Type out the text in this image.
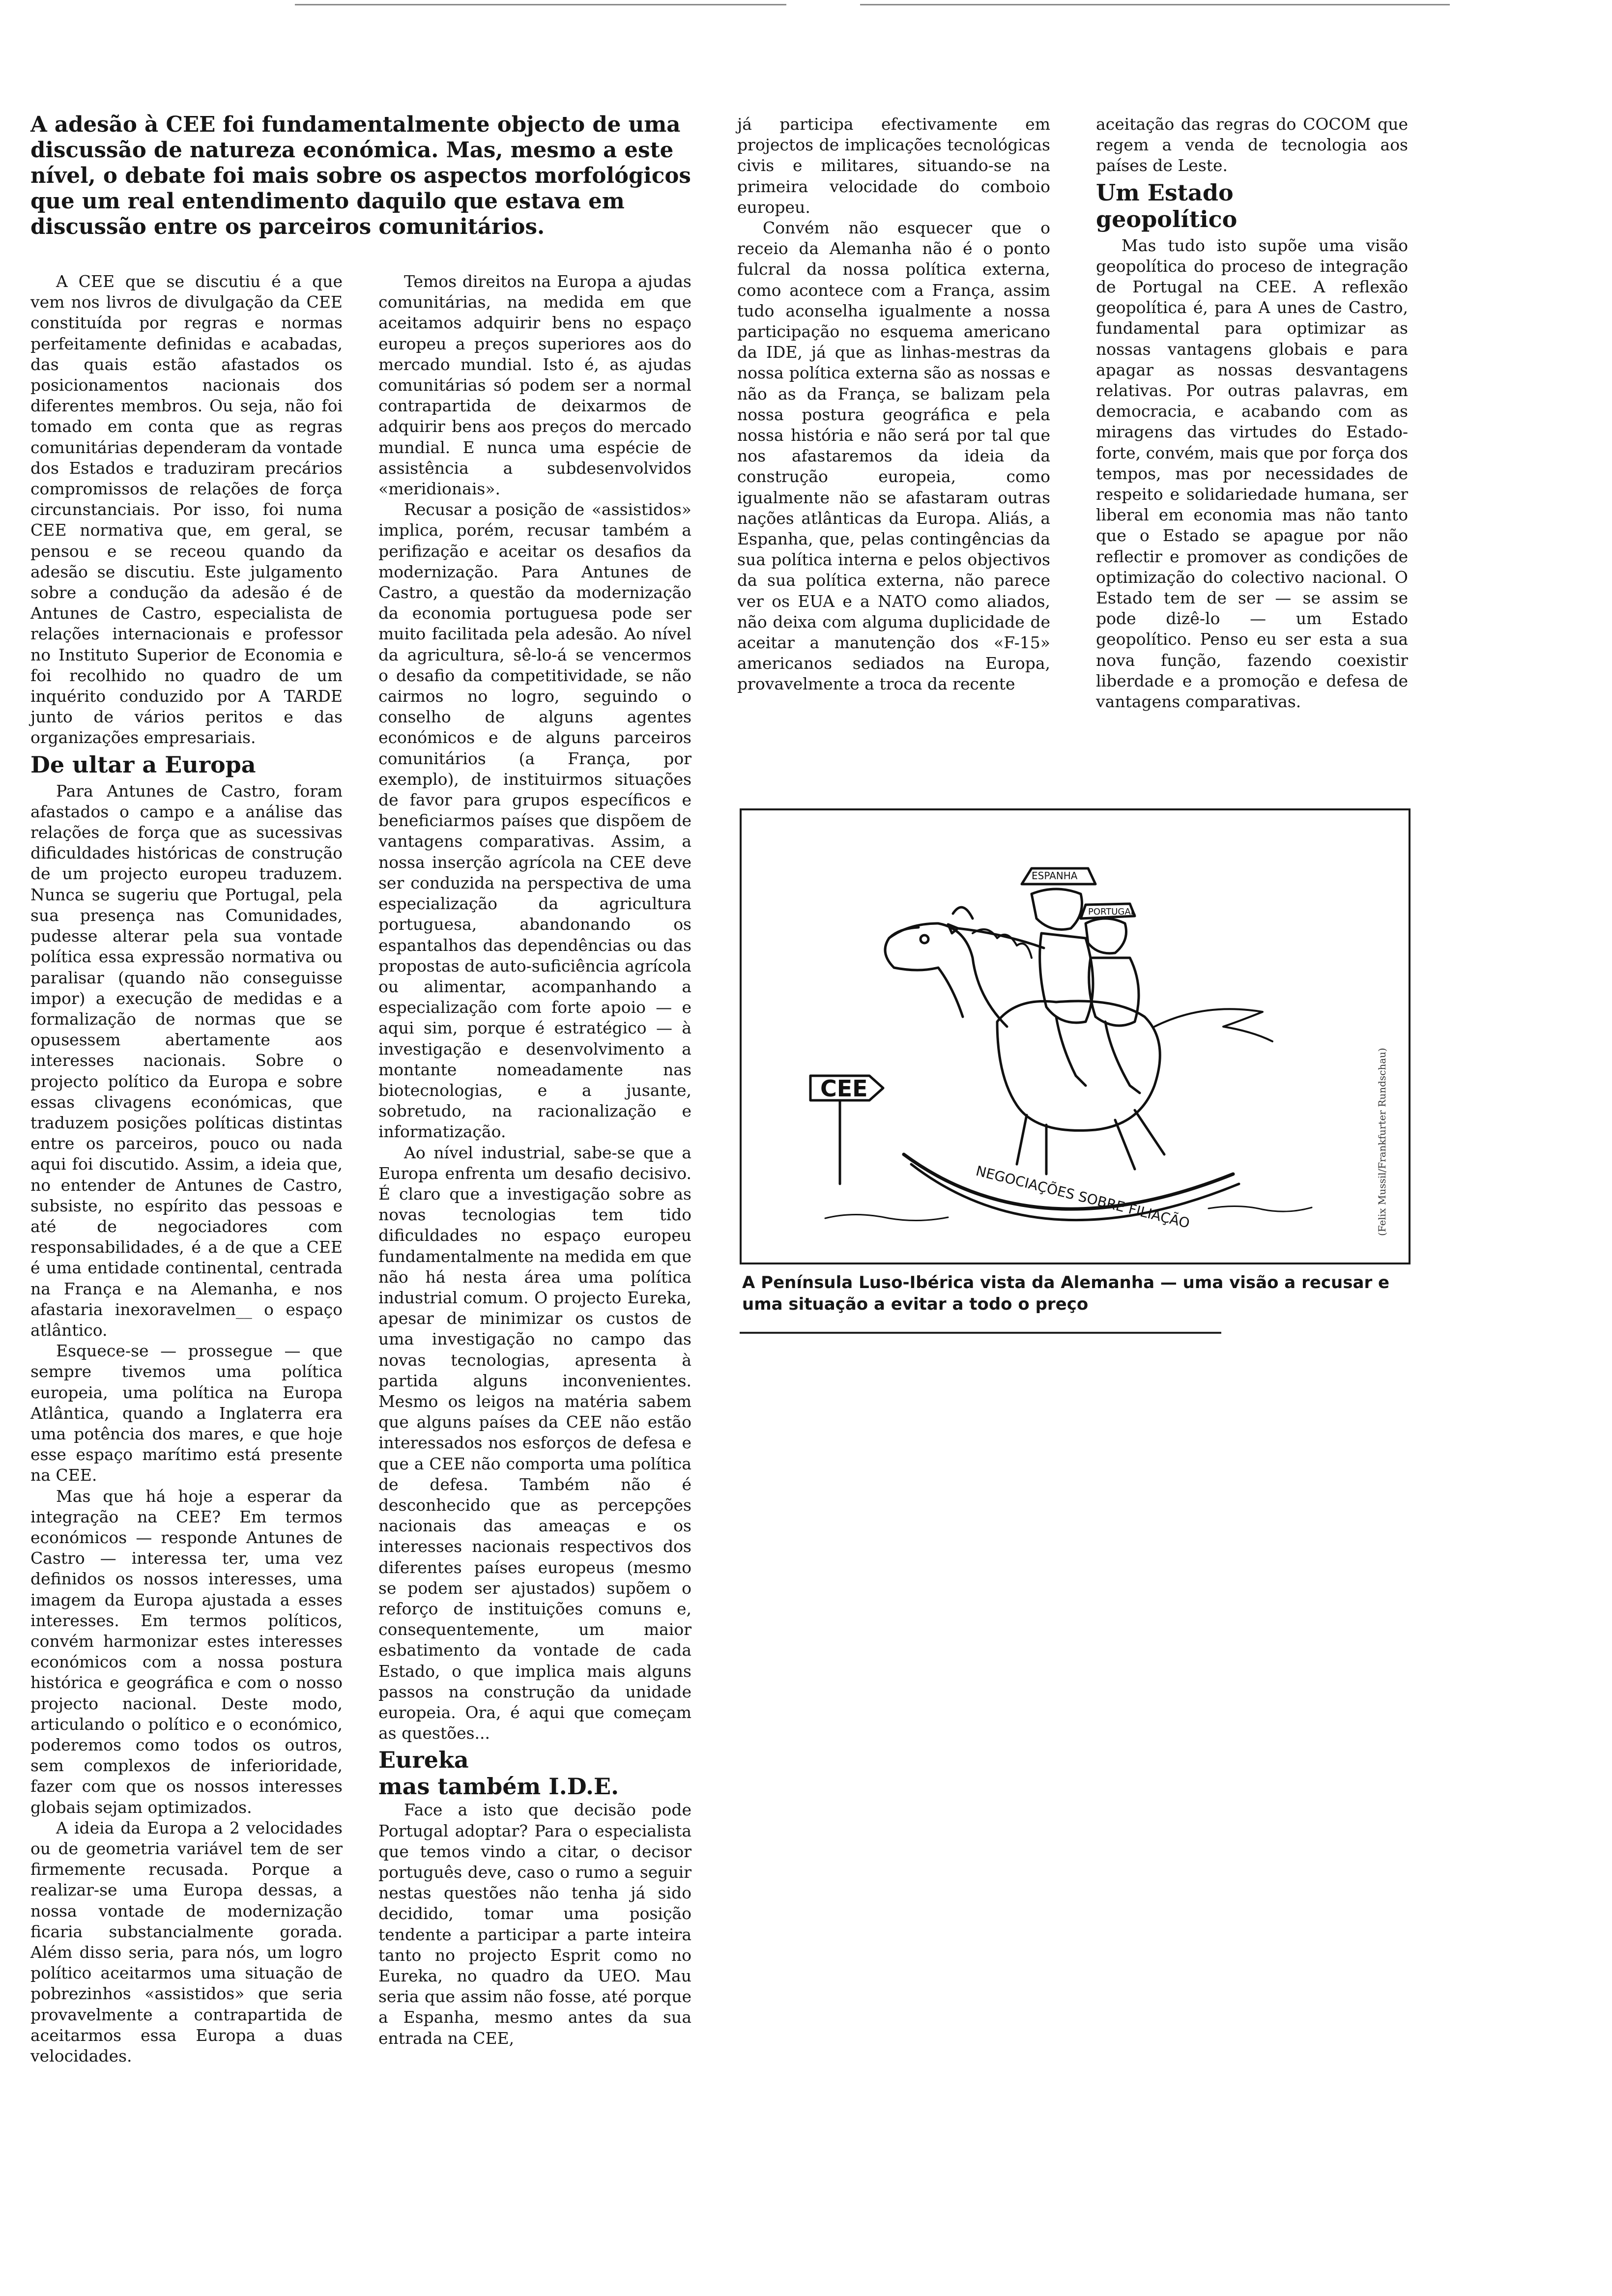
A adesão à CEE foi fundamentalmente objecto de uma discussão de natureza económica. Mas, mesmo a este nível, o debate foi mais sobre os aspectos morfológicos que um real entendimento daquilo que estava em discussão entre os parceiros comunitários.

A CEE que se discutiu é a que vem nos livros de divulgação da CEE constituída por regras e normas perfeitamente definidas e acabadas, das quais estão afastados os posicionamentos nacionais dos diferentes membros. Ou seja, não foi tomado em conta que as regras comunitárias dependeram da vontade dos Estados e traduziram precários compromissos de relações de força circunstanciais. Por isso, foi numa CEE normativa que, em geral, se pensou e se receou quando da adesão se discutiu. Este julgamento sobre a condução da adesão é de Antunes de Castro, especialista de relações internacionais e professor no Instituto Superior de Economia e foi recolhido no quadro de um inquérito conduzido por A TARDE junto de vários peritos e das organizações empresariais.

De ultar a Europa

Para Antunes de Castro, foram afastados o campo e a análise das relações de força que as sucessivas dificuldades históricas de construção de um projecto europeu traduzem. Nunca se sugeriu que Portugal, pela sua presença nas Comunidades, pudesse alterar pela sua vontade política essa expressão normativa ou paralisar (quando não conseguisse impor) a execução de medidas e a formalização de normas que se opusessem abertamente aos interesses nacionais. Sobre o projecto político da Europa e sobre essas clivagens económicas, que traduzem posições políticas distintas entre os parceiros, pouco ou nada aqui foi discutido. Assim, a ideia que, no entender de Antunes de Castro, subsiste, no espírito das pessoas e até de negociadores com responsabilidades, é a de que a CEE é uma entidade continental, centrada na França e na Alemanha, e nos afastaria inexoravelmen__ o espaço atlântico.

Esquece-se — prossegue — que sempre tivemos uma política europeia, uma política na Europa Atlântica, quando a Inglaterra era uma potência dos mares, e que hoje esse espaço marítimo está presente na CEE.

Mas que há hoje a esperar da integração na CEE? Em termos económicos — responde Antunes de Castro — interessa ter, uma vez definidos os nossos interesses, uma imagem da Europa ajustada a esses interesses. Em termos políticos, convém harmonizar estes interesses económicos com a nossa postura histórica e geográfica e com o nosso projecto nacional. Deste modo, articulando o político e o económico, poderemos como todos os outros, sem complexos de inferioridade, fazer com que os nossos interesses globais sejam optimizados.

A ideia da Europa a 2 velocidades ou de geometria variável tem de ser firmemente recusada. Porque a realizar-se uma Europa dessas, a nossa vontade de modernização ficaria substancialmente gorada. Além disso seria, para nós, um logro político aceitarmos uma situação de pobrezinhos «assistidos» que seria provavelmente a contrapartida de aceitarmos essa Europa a duas velocidades.

Temos direitos na Europa a ajudas comunitárias, na medida em que aceitamos adquirir bens no espaço europeu a preços superiores aos do mercado mundial. Isto é, as ajudas comunitárias só podem ser a normal contrapartida de deixarmos de adquirir bens aos preços do mercado mundial. E nunca uma espécie de assistência a subdesenvolvidos «meridionais».

Recusar a posição de «assistidos» implica, porém, recusar também a perifização e aceitar os desafios da modernização. Para Antunes de Castro, a questão da modernização da economia portuguesa pode ser muito facilitada pela adesão. Ao nível da agricultura, sê-lo-á se vencermos o desafio da competitividade, se não cairmos no logro, seguindo o conselho de alguns agentes económicos e de alguns parceiros comunitários (a França, por exemplo), de instituirmos situações de favor para grupos específicos e beneficiarmos países que dispõem de vantagens comparativas. Assim, a nossa inserção agrícola na CEE deve ser conduzida na perspectiva de uma especialização da agricultura portuguesa, abandonando os espantalhos das dependências ou das propostas de auto-suficiência agrícola ou alimentar, acompanhando a especialização com forte apoio — e aqui sim, porque é estratégico — à investigação e desenvolvimento a montante nomeadamente nas biotecnologias, e a jusante, sobretudo, na racionalização e informatização.

Ao nível industrial, sabe-se que a Europa enfrenta um desafio decisivo. É claro que a investigação sobre as novas tecnologias tem tido dificuldades no espaço europeu fundamentalmente na medida em que não há nesta área uma política industrial comum. O projecto Eureka, apesar de minimizar os custos de uma investigação no campo das novas tecnologias, apresenta à partida alguns inconvenientes. Mesmo os leigos na matéria sabem que alguns países da CEE não estão interessados nos esforços de defesa e que a CEE não comporta uma política de defesa. Também não é desconhecido que as percepções nacionais das ameaças e os interesses nacionais respectivos dos diferentes países europeus (mesmo se podem ser ajustados) supõem o reforço de instituições comuns e, consequentemente, um maior esbatimento da vontade de cada Estado, o que implica mais alguns passos na construção da unidade europeia. Ora, é aqui que começam as questões...

Eureka
mas também I.D.E.

Face a isto que decisão pode Portugal adoptar? Para o especialista que temos vindo a citar, o decisor português deve, caso o rumo a seguir nestas questões não tenha já sido decidido, tomar uma posição tendente a participar a parte inteira tanto no projecto Esprit como no Eureka, no quadro da UEO. Mau seria que assim não fosse, até porque a Espanha, mesmo antes da sua entrada na CEE,

já participa efectivamente em projectos de implicações tecnológicas civis e militares, situando-se na primeira velocidade do comboio europeu.

Convém não esquecer que o receio da Alemanha não é o ponto fulcral da nossa política externa, como acontece com a França, assim tudo aconselha igualmente a nossa participação no esquema americano da IDE, já que as linhas-mestras da nossa política externa são as nossas e não as da França, se balizam pela nossa postura geográfica e pela nossa história e não será por tal que nos afastaremos da ideia da construção europeia, como igualmente não se afastaram outras nações atlânticas da Europa. Aliás, a Espanha, que, pelas contingências da sua política interna e pelos objectivos da sua política externa, não parece ver os EUA e a NATO como aliados, não deixa com alguma duplicidade de aceitar a manutenção dos «F-15» americanos sediados na Europa, provavelmente a troca da recente

aceitação das regras do COCOM que regem a venda de tecnologia aos países de Leste.

Um Estado
geopolítico

Mas tudo isto supõe uma visão geopolítica do proceso de integração de Portugal na CEE. A reflexão geopolítica é, para A unes de Castro, fundamental para optimizar as nossas vantagens globais e para apagar as nossas desvantagens relativas. Por outras palavras, em democracia, e acabando com as miragens das virtudes do Estado-forte, convém, mais que por força dos tempos, mas por necessidades de respeito e solidariedade humana, ser liberal em economia mas não tanto que o Estado se apague por não reflectir e promover as condições de optimização do colectivo nacional. O Estado tem de ser — se assim se pode dizê-lo — um Estado geopolítico. Penso eu ser esta a sua nova função, fazendo coexistir liberdade e a promoção e defesa de vantagens comparativas.

CEE
ESPANHA
PORTUGAL
NEGOCIAÇÕES SOBRE FILIAÇÃO	(Felix Mussil/Frankfurter Rundschau)

A Península Luso-Ibérica vista da Alemanha — uma visão a recusar e uma situação a evitar a todo o preço
